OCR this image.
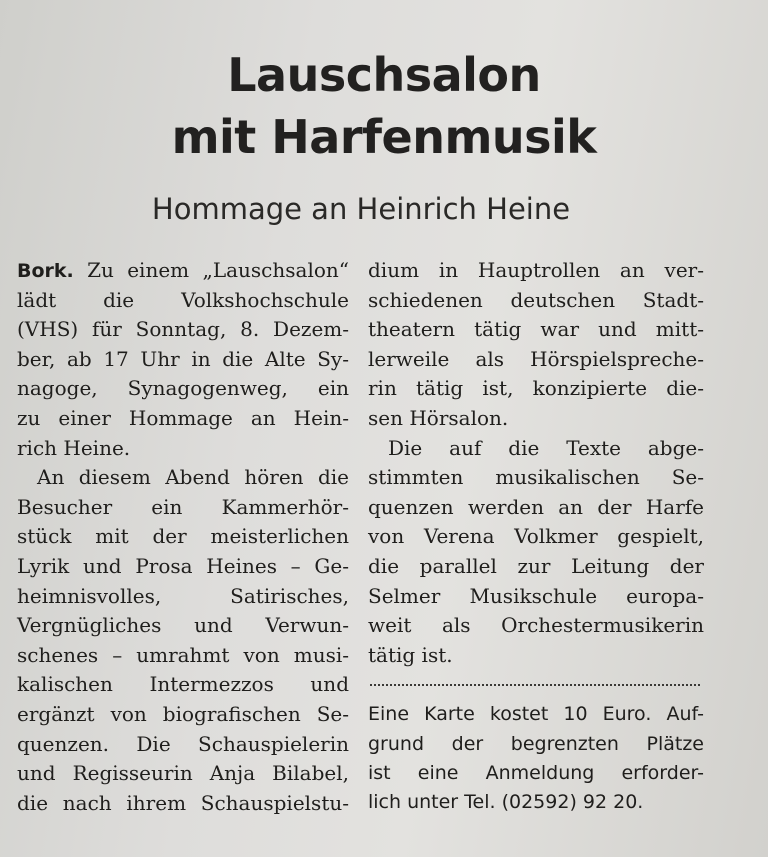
Lauschsalon
mit Harfenmusik
Hommage an Heinrich Heine
Bork. Zu einem „Lauschsalon“
lädt die Volkshochschule
(VHS) für Sonntag, 8. Dezem-
ber, ab 17 Uhr in die Alte Sy-
nagoge, Synagogenweg, ein
zu einer Hommage an Hein-
rich Heine.
An diesem Abend hören die
Besucher ein Kammerhör-
stück mit der meisterlichen
Lyrik und Prosa Heines – Ge-
heimnisvolles, Satirisches,
Vergnügliches und Verwun-
schenes – umrahmt von musi-
kalischen Intermezzos und
ergänzt von biografischen Se-
quenzen. Die Schauspielerin
und Regisseurin Anja Bilabel,
die nach ihrem Schauspielstu-
dium in Hauptrollen an ver-
schiedenen deutschen Stadt-
theatern tätig war und mitt-
lerweile als Hörspielspreche-
rin tätig ist, konzipierte die-
sen Hörsalon.
Die auf die Texte abge-
stimmten musikalischen Se-
quenzen werden an der Harfe
von Verena Volkmer gespielt,
die parallel zur Leitung der
Selmer Musikschule europa-
weit als Orchestermusikerin
tätig ist.
Eine Karte kostet 10 Euro. Auf-
grund der begrenzten Plätze
ist eine Anmeldung erforder-
lich unter Tel. (02592) 92 20.
